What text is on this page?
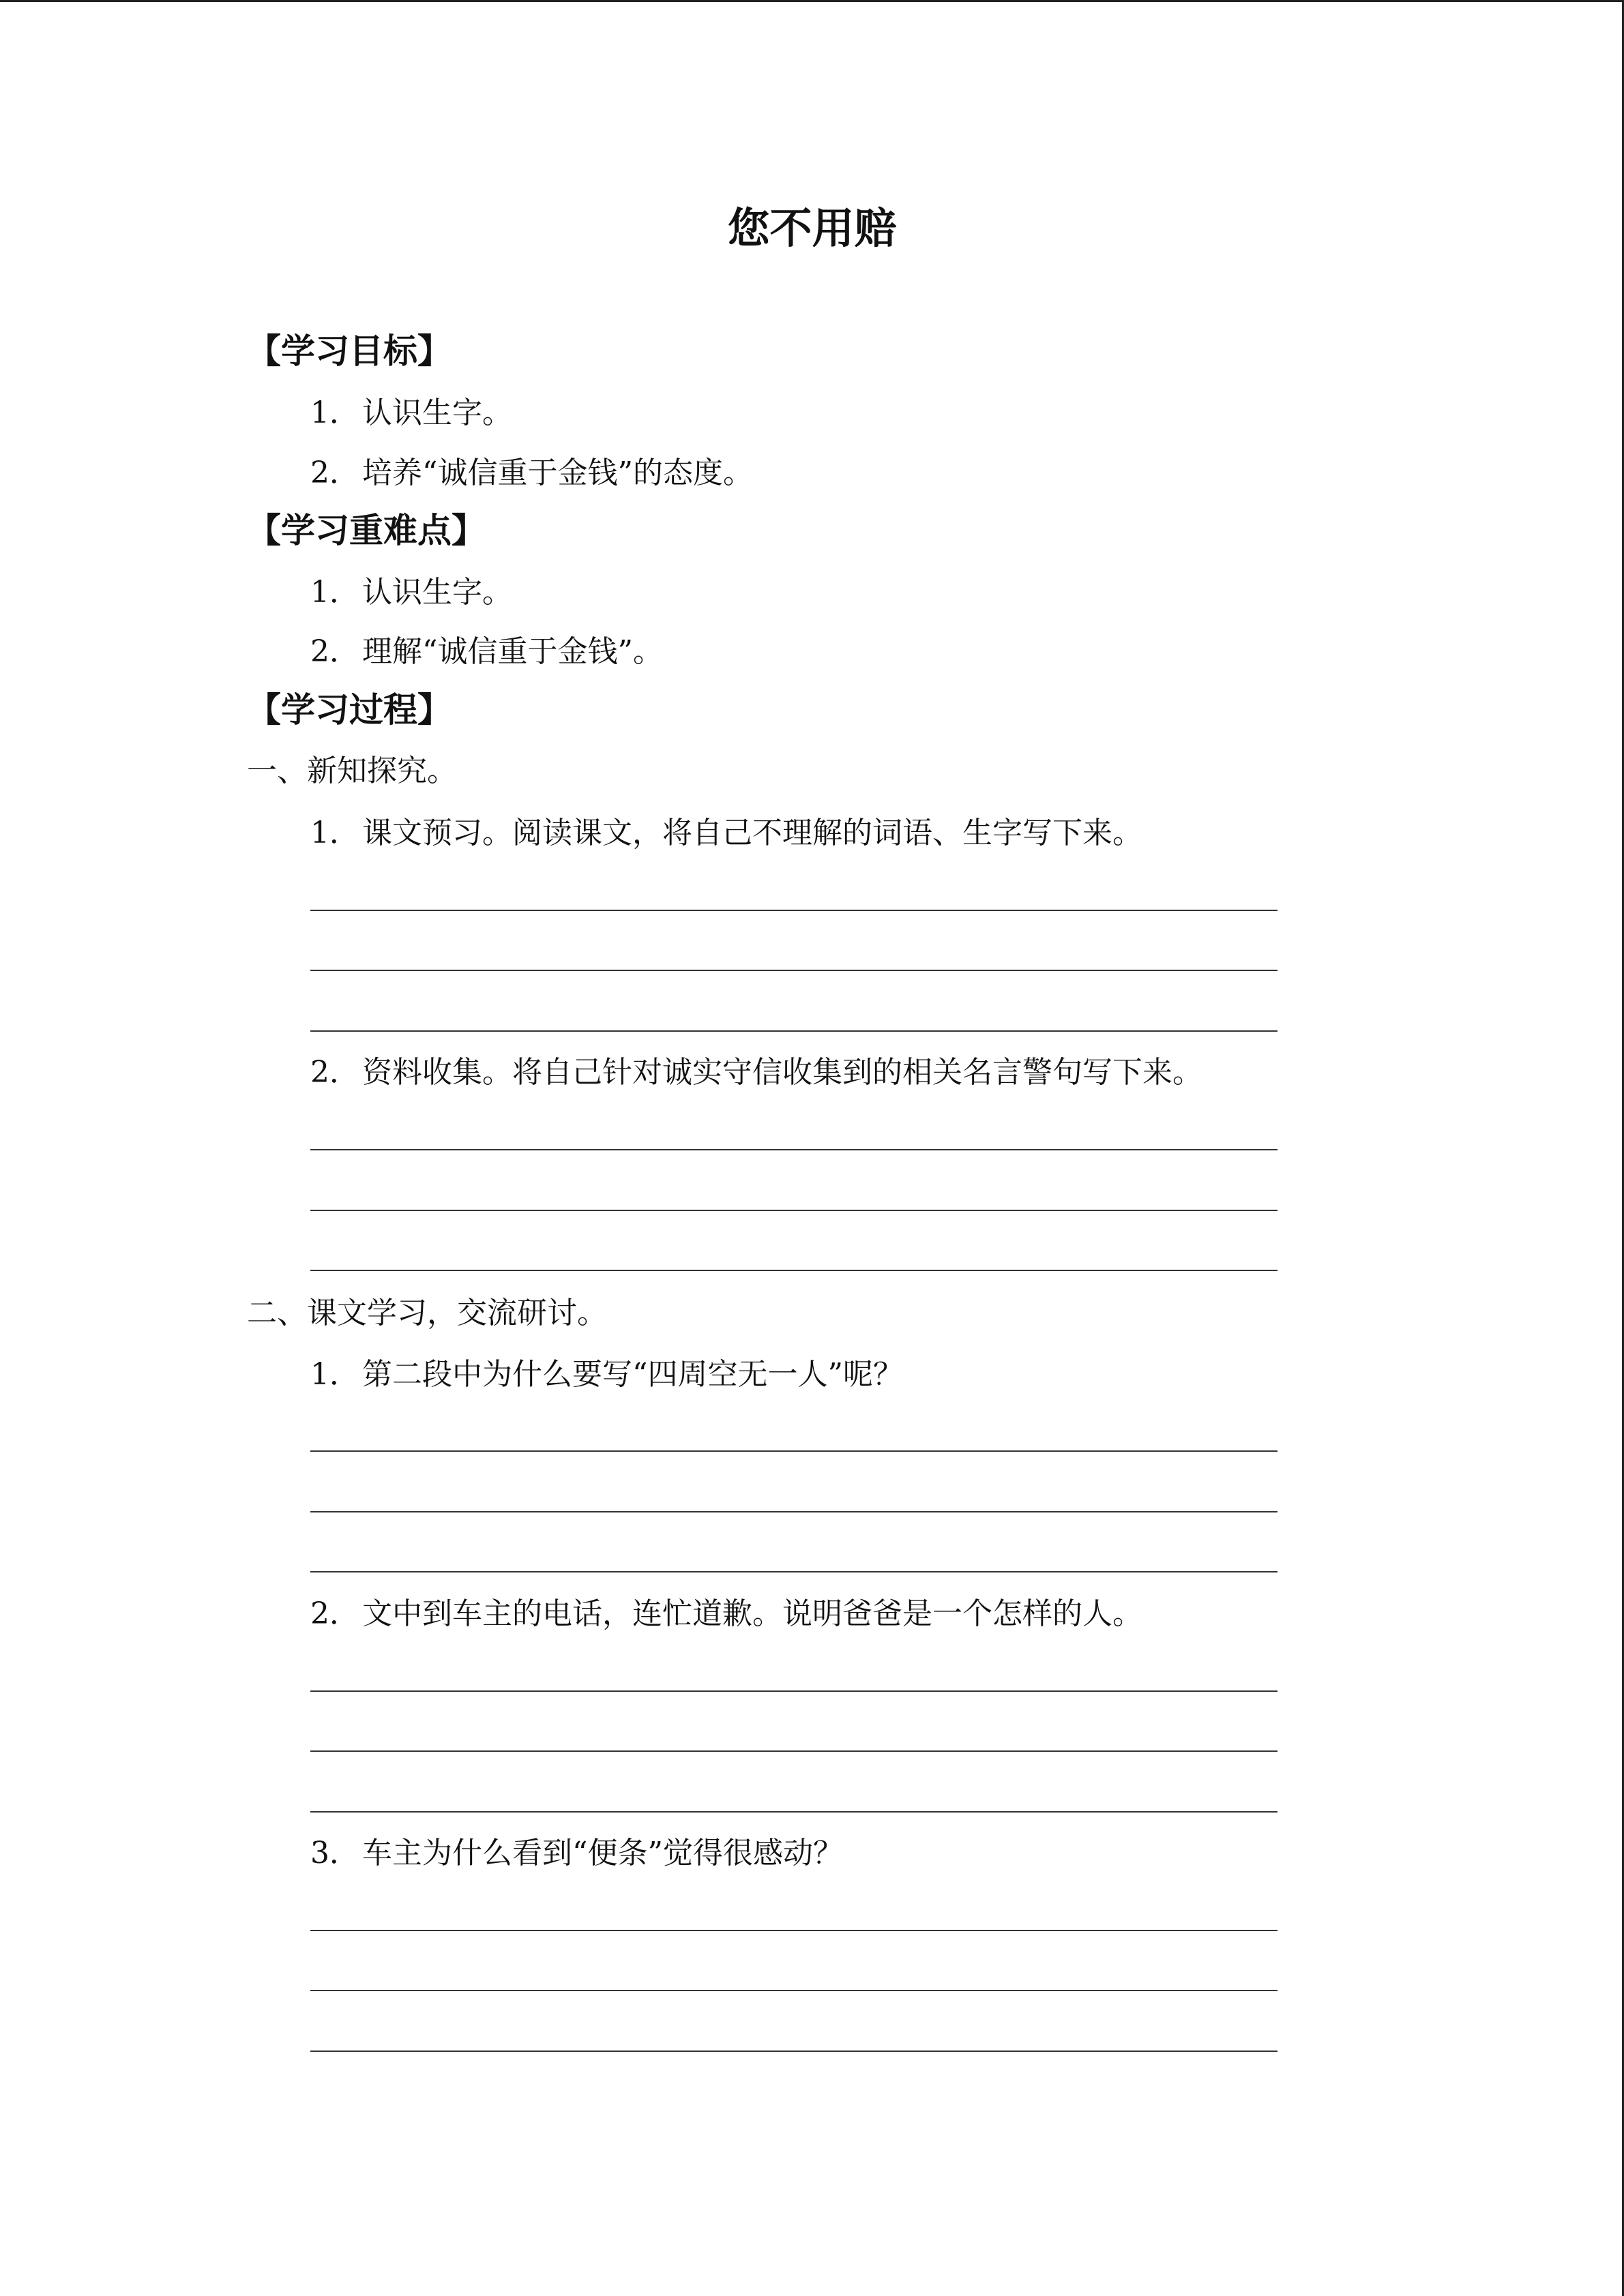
您不用赔
【学习目标】
1．认识生字。
2．培养“诚信重于金钱”的态度。
【学习重难点】
1．认识生字。
2．理解“诚信重于金钱”。
【学习过程】
一、新知探究。
1．课文预习。阅读课文，将自己不理解的词语、生字写下来。
2．资料收集。将自己针对诚实守信收集到的相关名言警句写下来。
二、课文学习，交流研讨。
1．第二段中为什么要写“四周空无一人”呢？
2．文中到车主的电话，连忙道歉。说明爸爸是一个怎样的人。
3．车主为什么看到“便条”觉得很感动？
